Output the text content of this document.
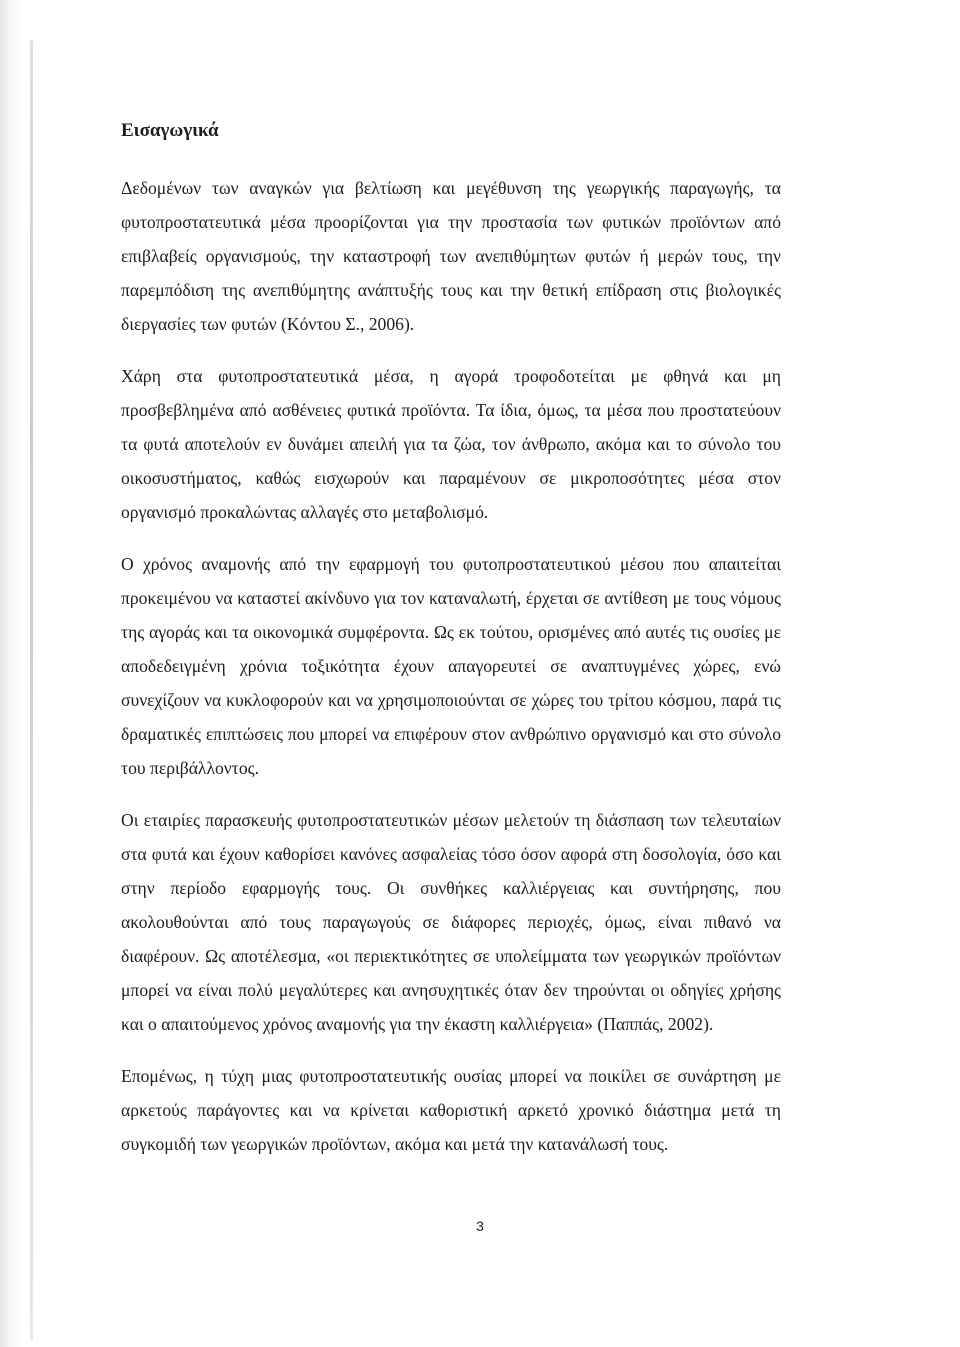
Εισαγωγικά

Δεδομένων των αναγκών για βελτίωση και μεγέθυνση της γεωργικής παραγωγής, τα φυτοπροστατευτικά μέσα προορίζονται για την προστασία των φυτικών προϊόντων από επιβλαβείς οργανισμούς, την καταστροφή των ανεπιθύμητων φυτών ή μερών τους, την παρεμπόδιση της ανεπιθύμητης ανάπτυξής τους και την θετική επίδραση στις βιολογικές διεργασίες των φυτών (Κόντου Σ., 2006).

Χάρη στα φυτοπροστατευτικά μέσα, η αγορά τροφοδοτείται με φθηνά και μη προσβεβλημένα από ασθένειες φυτικά προϊόντα. Τα ίδια, όμως, τα μέσα που προστατεύουν τα φυτά αποτελούν εν δυνάμει απειλή για τα ζώα, τον άνθρωπο, ακόμα και το σύνολο του οικοσυστήματος, καθώς εισχωρούν και παραμένουν σε μικροποσότητες μέσα στον οργανισμό προκαλώντας αλλαγές στο μεταβολισμό.

Ο χρόνος αναμονής από την εφαρμογή του φυτοπροστατευτικού μέσου που απαιτείται προκειμένου να καταστεί ακίνδυνο για τον καταναλωτή, έρχεται σε αντίθεση με τους νόμους της αγοράς και τα οικονομικά συμφέροντα. Ως εκ τούτου, ορισμένες από αυτές τις ουσίες με αποδεδειγμένη χρόνια τοξικότητα έχουν απαγορευτεί σε αναπτυγμένες χώρες, ενώ συνεχίζουν να κυκλοφορούν και να χρησιμοποιούνται σε χώρες του τρίτου κόσμου, παρά τις δραματικές επιπτώσεις που μπορεί να επιφέρουν στον ανθρώπινο οργανισμό και στο σύνολο του περιβάλλοντος.

Οι εταιρίες παρασκευής φυτοπροστατευτικών μέσων μελετούν τη διάσπαση των τελευταίων στα φυτά και έχουν καθορίσει κανόνες ασφαλείας τόσο όσον αφορά στη δοσολογία, όσο και στην περίοδο εφαρμογής τους. Οι συνθήκες καλλιέργειας και συντήρησης, που ακολουθούνται από τους παραγωγούς σε διάφορες περιοχές, όμως, είναι πιθανό να διαφέρουν. Ως αποτέλεσμα, «οι περιεκτικότητες σε υπολείμματα των γεωργικών προϊόντων μπορεί να είναι πολύ μεγαλύτερες και ανησυχητικές όταν δεν τηρούνται οι οδηγίες χρήσης και ο απαιτούμενος χρόνος αναμονής για την έκαστη καλλιέργεια» (Παππάς, 2002).

Επομένως, η τύχη μιας φυτοπροστατευτικής ουσίας μπορεί να ποικίλει σε συνάρτηση με αρκετούς παράγοντες και να κρίνεται καθοριστική αρκετό χρονικό διάστημα μετά τη συγκομιδή των γεωργικών προϊόντων, ακόμα και μετά την κατανάλωσή τους.

3
